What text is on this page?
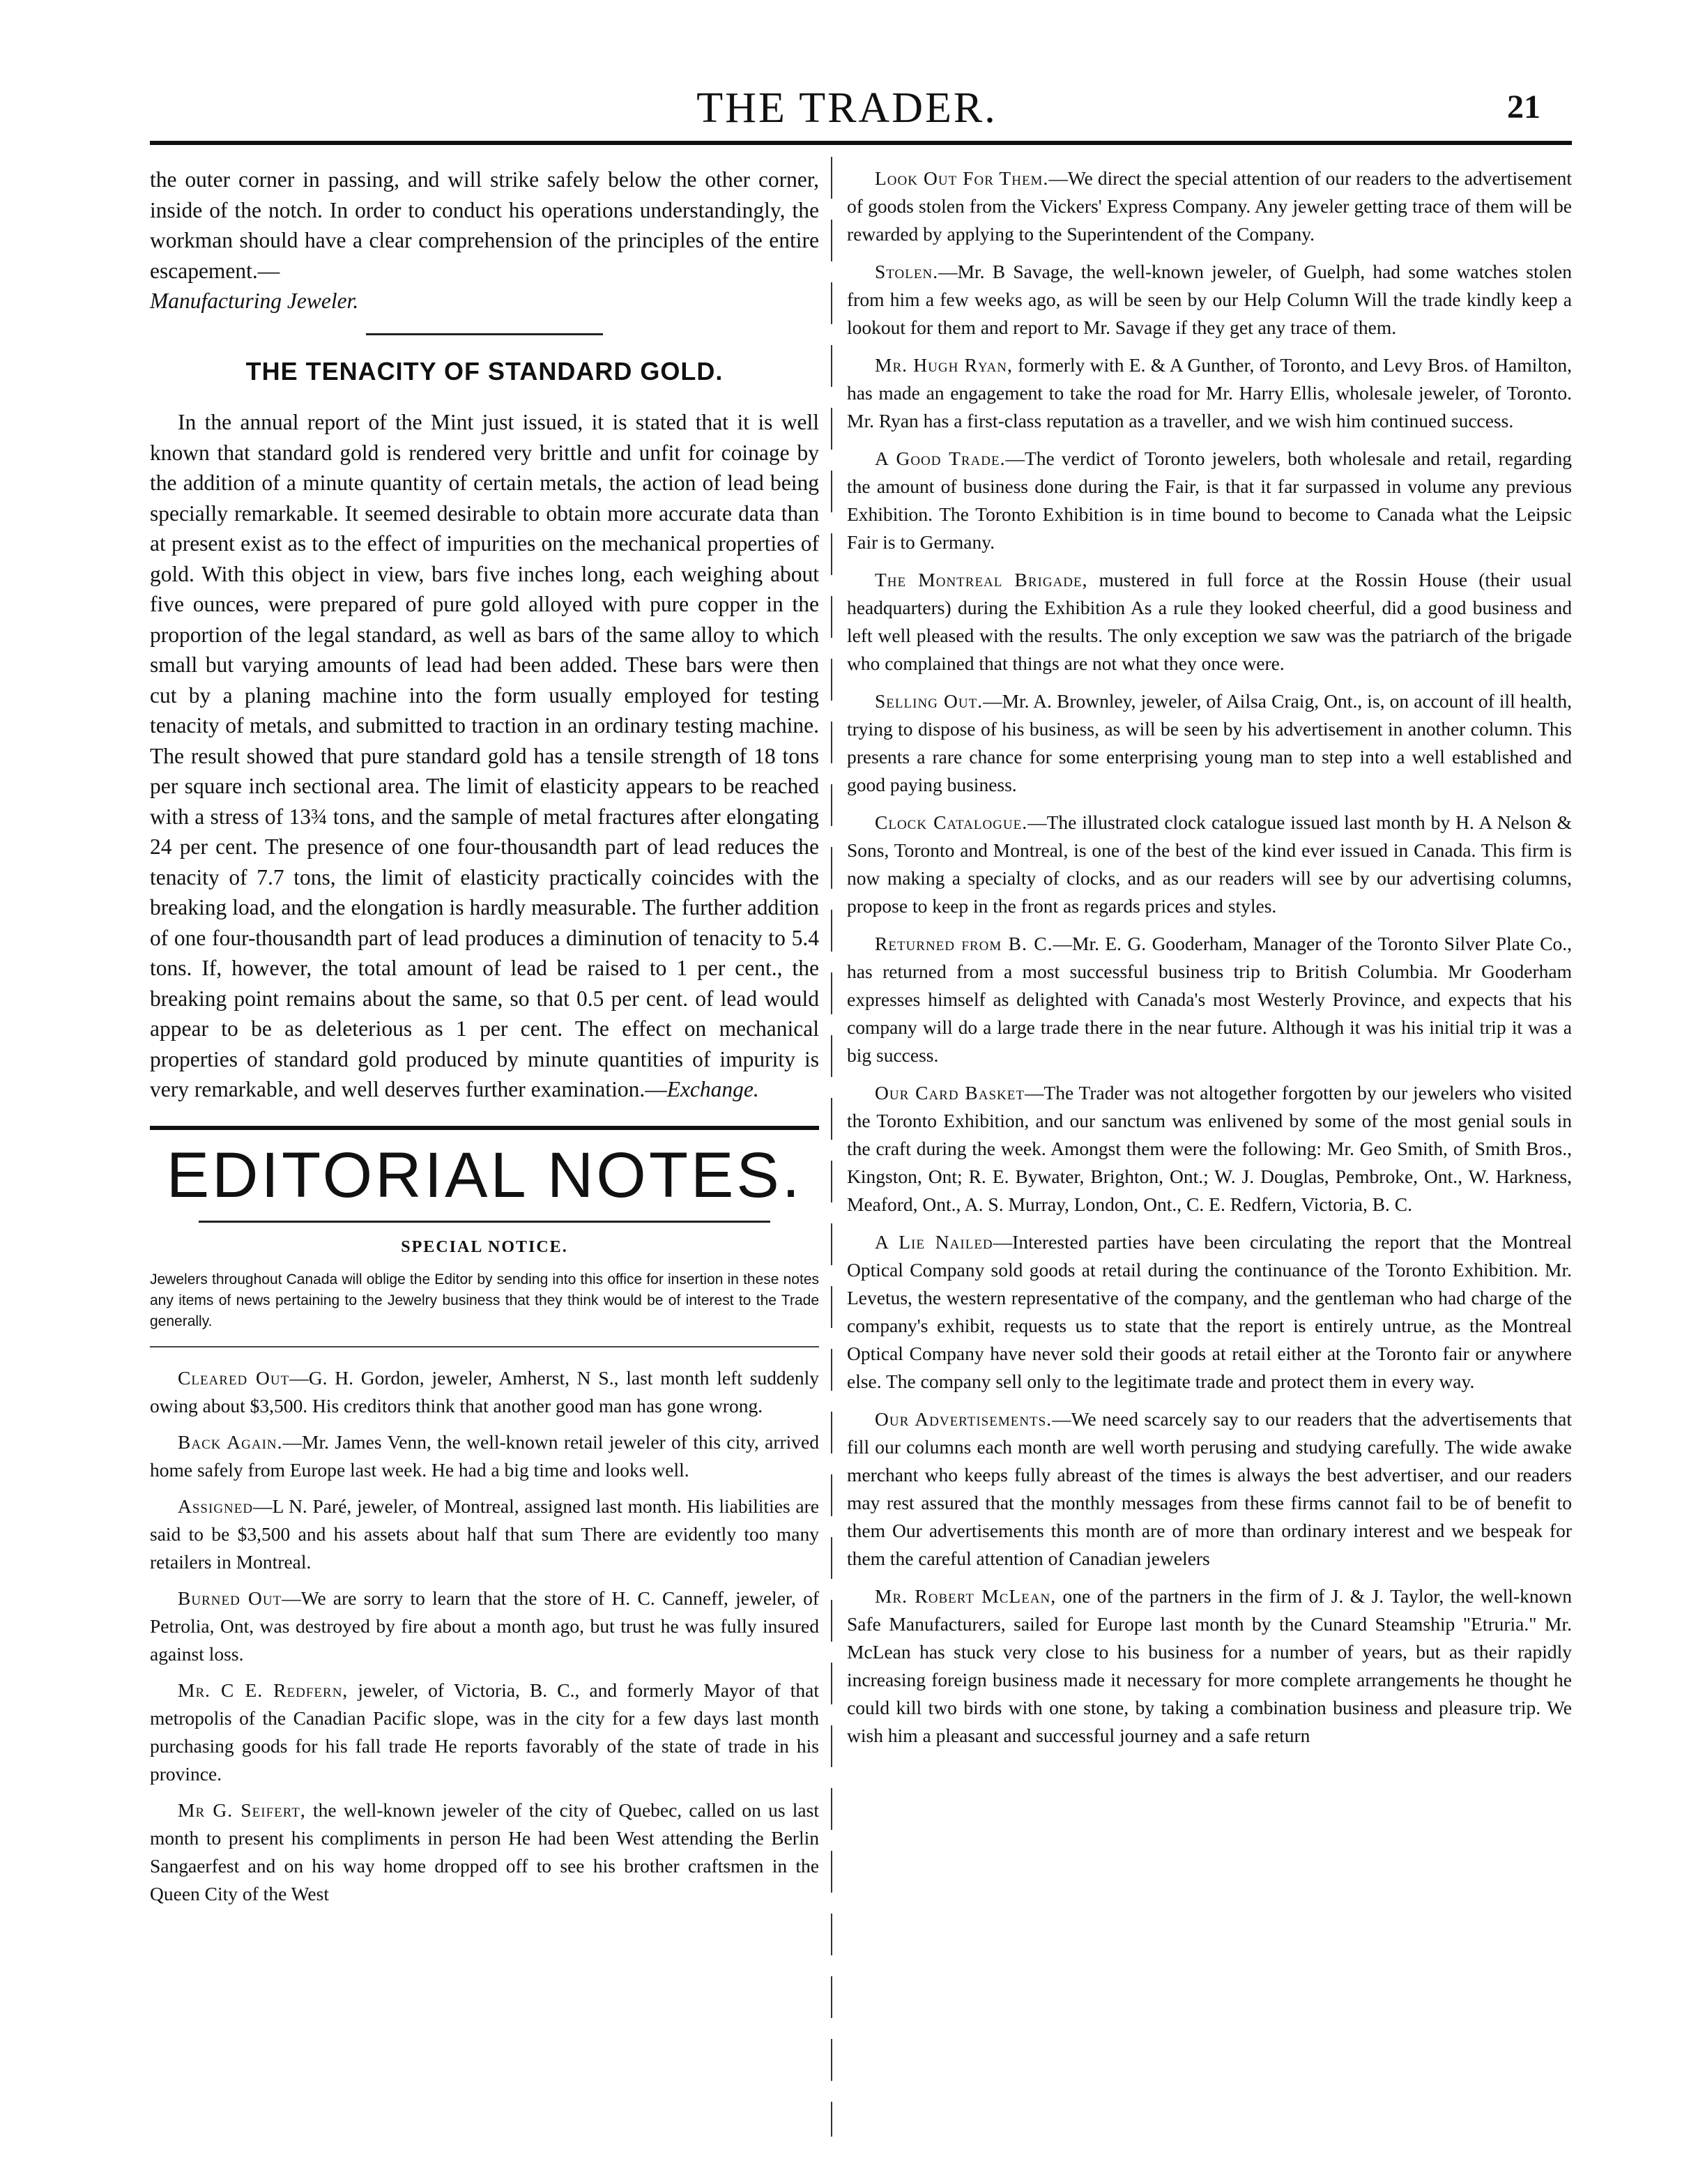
THE TRADER.	21

the outer corner in passing, and will strike safely below the other corner, inside of the notch. In order to conduct his operations understandingly, the workman should have a clear comprehension of the principles of the entire escapement.—
Manufacturing Jeweler.

THE TENACITY OF STANDARD GOLD.

In the annual report of the Mint just issued, it is stated that it is well known that standard gold is rendered very brittle and unfit for coinage by the addition of a minute quantity of certain metals, the action of lead being specially remarkable. It seemed desirable to obtain more accurate data than at present exist as to the effect of impurities on the mechanical properties of gold. With this object in view, bars five inches long, each weighing about five ounces, were prepared of pure gold alloyed with pure copper in the proportion of the legal standard, as well as bars of the same alloy to which small but varying amounts of lead had been added. These bars were then cut by a planing machine into the form usually employed for testing tenacity of metals, and submitted to traction in an ordinary testing machine. The result showed that pure standard gold has a tensile strength of 18 tons per square inch sectional area. The limit of elasticity appears to be reached with a stress of 13¾ tons, and the sample of metal fractures after elongating 24 per cent. The presence of one four-thousandth part of lead reduces the tenacity of 7.7 tons, the limit of elasticity practically coincides with the breaking load, and the elongation is hardly measurable. The further addition of one four-thousandth part of lead produces a diminution of tenacity to 5.4 tons. If, however, the total amount of lead be raised to 1 per cent., the breaking point remains about the same, so that 0.5 per cent. of lead would appear to be as deleterious as 1 per cent. The effect on mechanical properties of standard gold produced by minute quantities of impurity is very remarkable, and well deserves further examination.—Exchange.

EDITORIAL NOTES.
SPECIAL NOTICE.

Jewelers throughout Canada will oblige the Editor by sending into this office for insertion in these notes any items of news pertaining to the Jewelry business that they think would be of interest to the Trade generally.

Cleared Out—G. H. Gordon, jeweler, Amherst, N S., last month left suddenly owing about $3,500. His creditors think that another good man has gone wrong.

Back Again.—Mr. James Venn, the well-known retail jeweler of this city, arrived home safely from Europe last week. He had a big time and looks well.

Assigned—L N. Paré, jeweler, of Montreal, assigned last month. His liabilities are said to be $3,500 and his assets about half that sum There are evidently too many retailers in Montreal.

Burned Out—We are sorry to learn that the store of H. C. Canneff, jeweler, of Petrolia, Ont, was destroyed by fire about a month ago, but trust he was fully insured against loss.

Mr. C E. Redfern, jeweler, of Victoria, B. C., and formerly Mayor of that metropolis of the Canadian Pacific slope, was in the city for a few days last month purchasing goods for his fall trade He reports favorably of the state of trade in his province.

Mr G. Seifert, the well-known jeweler of the city of Quebec, called on us last month to present his compliments in person He had been West attending the Berlin Sangaerfest and on his way home dropped off to see his brother craftsmen in the Queen City of the West

Look Out For Them.—We direct the special attention of our readers to the advertisement of goods stolen from the Vickers' Express Company. Any jeweler getting trace of them will be rewarded by applying to the Superintendent of the Company.

Stolen.—Mr. B Savage, the well-known jeweler, of Guelph, had some watches stolen from him a few weeks ago, as will be seen by our Help Column Will the trade kindly keep a lookout for them and report to Mr. Savage if they get any trace of them.

Mr. Hugh Ryan, formerly with E. & A Gunther, of Toronto, and Levy Bros. of Hamilton, has made an engagement to take the road for Mr. Harry Ellis, wholesale jeweler, of Toronto. Mr. Ryan has a first-class reputation as a traveller, and we wish him continued success.

A Good Trade.—The verdict of Toronto jewelers, both wholesale and retail, regarding the amount of business done during the Fair, is that it far surpassed in volume any previous Exhibition. The Toronto Exhibition is in time bound to become to Canada what the Leipsic Fair is to Germany.

The Montreal Brigade, mustered in full force at the Rossin House (their usual headquarters) during the Exhibition As a rule they looked cheerful, did a good business and left well pleased with the results. The only exception we saw was the patriarch of the brigade who complained that things are not what they once were.

Selling Out.—Mr. A. Brownley, jeweler, of Ailsa Craig, Ont., is, on account of ill health, trying to dispose of his business, as will be seen by his advertisement in another column. This presents a rare chance for some enterprising young man to step into a well established and good paying business.

Clock Catalogue.—The illustrated clock catalogue issued last month by H. A Nelson & Sons, Toronto and Montreal, is one of the best of the kind ever issued in Canada. This firm is now making a specialty of clocks, and as our readers will see by our advertising columns, propose to keep in the front as regards prices and styles.

Returned from B. C.—Mr. E. G. Gooderham, Manager of the Toronto Silver Plate Co., has returned from a most successful business trip to British Columbia. Mr Gooderham expresses himself as delighted with Canada's most Westerly Province, and expects that his company will do a large trade there in the near future. Although it was his initial trip it was a big success.

Our Card Basket—The Trader was not altogether forgotten by our jewelers who visited the Toronto Exhibition, and our sanctum was enlivened by some of the most genial souls in the craft during the week. Amongst them were the following: Mr. Geo Smith, of Smith Bros., Kingston, Ont; R. E. Bywater, Brighton, Ont.; W. J. Douglas, Pembroke, Ont., W. Harkness, Meaford, Ont., A. S. Murray, London, Ont., C. E. Redfern, Victoria, B. C.

A Lie Nailed—Interested parties have been circulating the report that the Montreal Optical Company sold goods at retail during the continuance of the Toronto Exhibition. Mr. Levetus, the western representative of the company, and the gentleman who had charge of the company's exhibit, requests us to state that the report is entirely untrue, as the Montreal Optical Company have never sold their goods at retail either at the Toronto fair or anywhere else. The company sell only to the legitimate trade and protect them in every way.

Our Advertisements.—We need scarcely say to our readers that the advertisements that fill our columns each month are well worth perusing and studying carefully. The wide awake merchant who keeps fully abreast of the times is always the best advertiser, and our readers may rest assured that the monthly messages from these firms cannot fail to be of benefit to them Our advertisements this month are of more than ordinary interest and we bespeak for them the careful attention of Canadian jewelers

Mr. Robert McLean, one of the partners in the firm of J. & J. Taylor, the well-known Safe Manufacturers, sailed for Europe last month by the Cunard Steamship "Etruria." Mr. McLean has stuck very close to his business for a number of years, but as their rapidly increasing foreign business made it necessary for more complete arrangements he thought he could kill two birds with one stone, by taking a combination business and pleasure trip. We wish him a pleasant and successful journey and a safe return
